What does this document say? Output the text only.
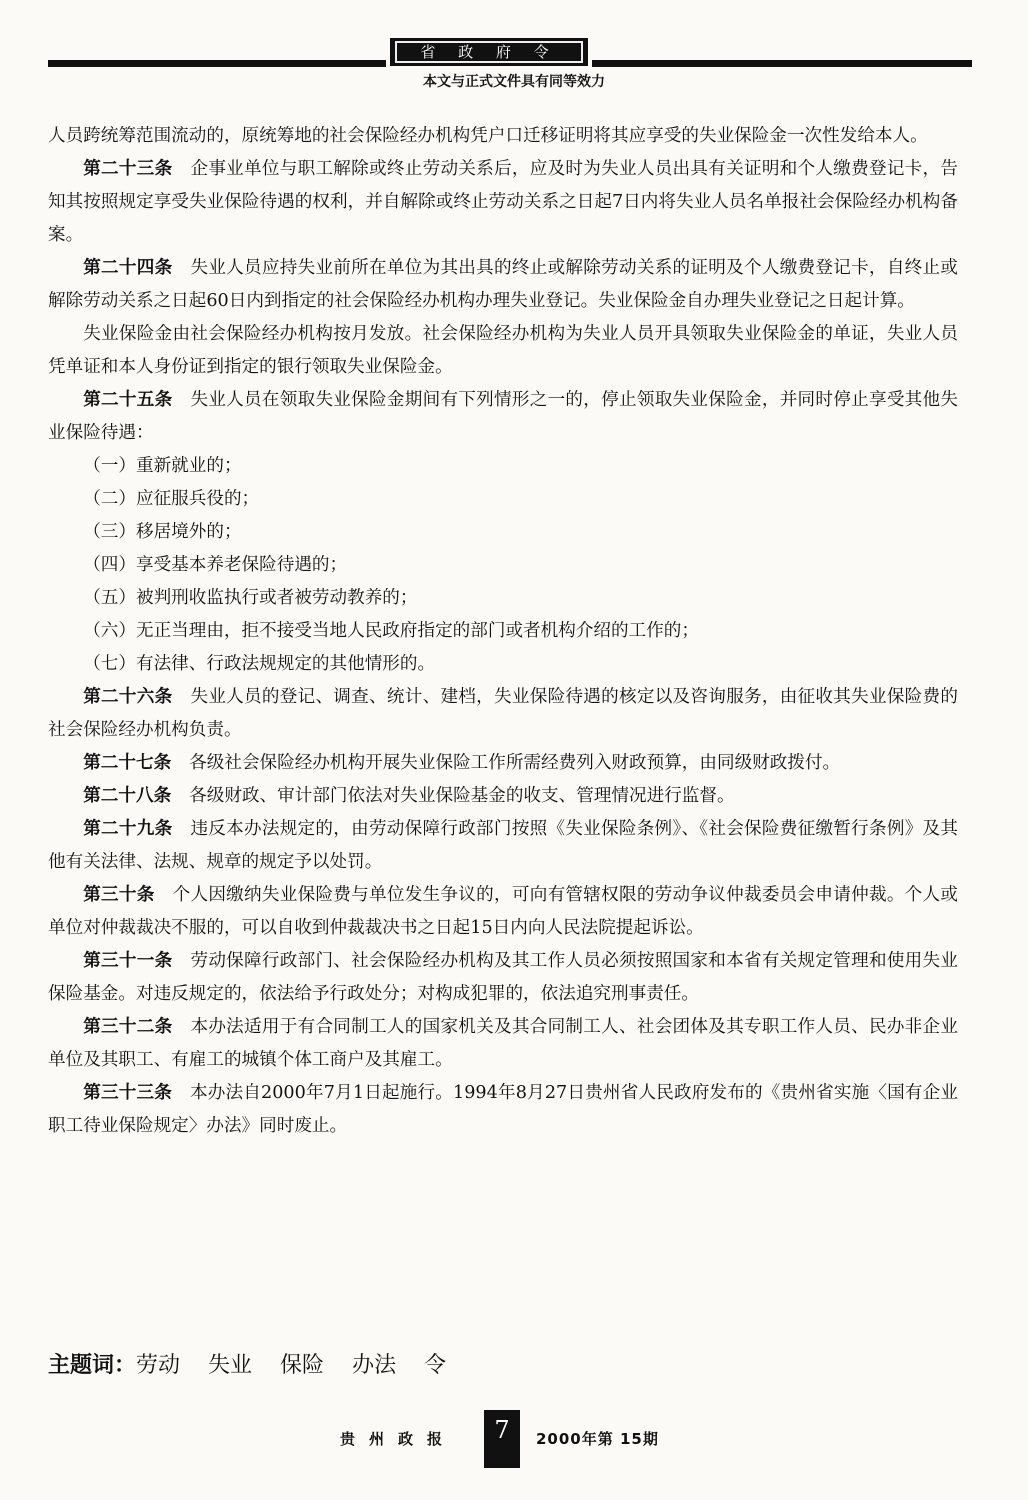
省 政 府 令
本文与正式文件具有同等效力

人员跨统筹范围流动的，原统筹地的社会保险经办机构凭户口迁移证明将其应享受的失业保险金一次性发给本人。

第二十三条 企事业单位与职工解除或终止劳动关系后，应及时为失业人员出具有关证明和个人缴费登记卡，告知其按照规定享受失业保险待遇的权利，并自解除或终止劳动关系之日起7日内将失业人员名单报社会保险经办机构备案。

第二十四条 失业人员应持失业前所在单位为其出具的终止或解除劳动关系的证明及个人缴费登记卡，自终止或解除劳动关系之日起60日内到指定的社会保险经办机构办理失业登记。失业保险金自办理失业登记之日起计算。

失业保险金由社会保险经办机构按月发放。社会保险经办机构为失业人员开具领取失业保险金的单证，失业人员凭单证和本人身份证到指定的银行领取失业保险金。

第二十五条 失业人员在领取失业保险金期间有下列情形之一的，停止领取失业保险金，并同时停止享受其他失业保险待遇：

（一）重新就业的；

（二）应征服兵役的；

（三）移居境外的；

（四）享受基本养老保险待遇的；

（五）被判刑收监执行或者被劳动教养的；

（六）无正当理由，拒不接受当地人民政府指定的部门或者机构介绍的工作的；

（七）有法律、行政法规规定的其他情形的。

第二十六条 失业人员的登记、调查、统计、建档，失业保险待遇的核定以及咨询服务，由征收其失业保险费的社会保险经办机构负责。

第二十七条 各级社会保险经办机构开展失业保险工作所需经费列入财政预算，由同级财政拨付。

第二十八条 各级财政、审计部门依法对失业保险基金的收支、管理情况进行监督。

第二十九条 违反本办法规定的，由劳动保障行政部门按照《失业保险条例》、《社会保险费征缴暂行条例》及其他有关法律、法规、规章的规定予以处罚。

第三十条 个人因缴纳失业保险费与单位发生争议的，可向有管辖权限的劳动争议仲裁委员会申请仲裁。个人或单位对仲裁裁决不服的，可以自收到仲裁裁决书之日起15日内向人民法院提起诉讼。

第三十一条 劳动保障行政部门、社会保险经办机构及其工作人员必须按照国家和本省有关规定管理和使用失业保险基金。对违反规定的，依法给予行政处分；对构成犯罪的，依法追究刑事责任。

第三十二条 本办法适用于有合同制工人的国家机关及其合同制工人、社会团体及其专职工作人员、民办非企业单位及其职工、有雇工的城镇个体工商户及其雇工。

第三十三条 本办法自2000年7月1日起施行。1994年8月27日贵州省人民政府发布的《贵州省实施〈国有企业职工待业保险规定〉办法》同时废止。

主题词：劳动 失业 保险 办法 令
贵州政报	7	2000年第 15期
